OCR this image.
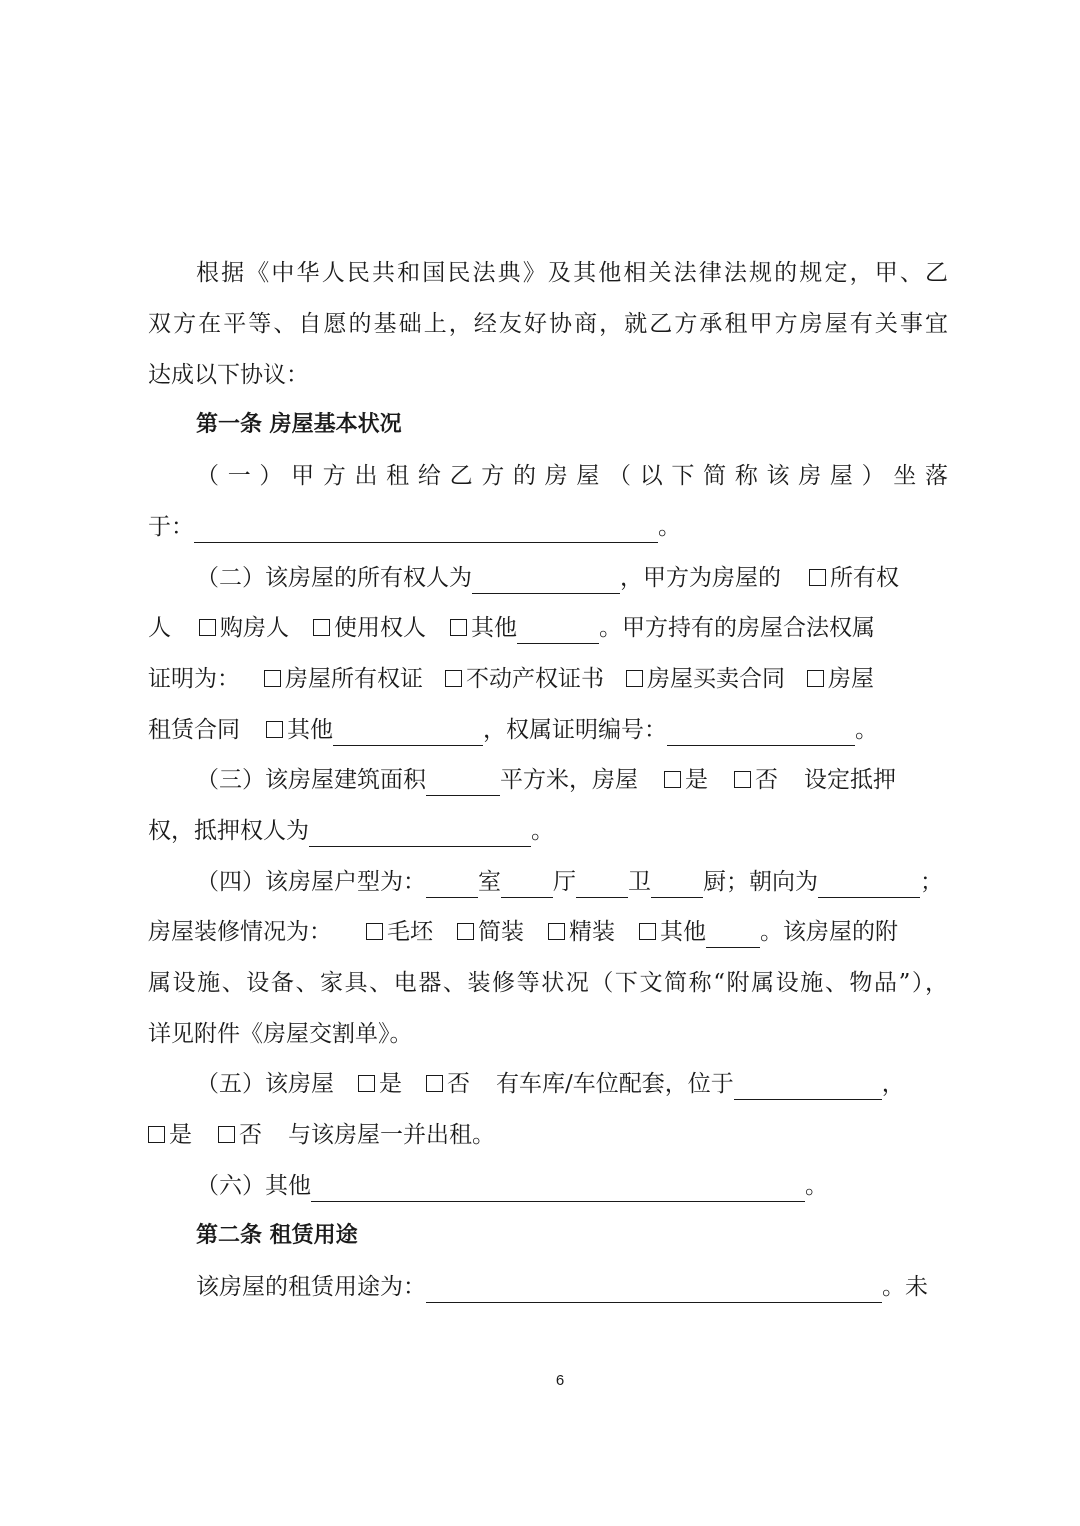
根据《中华人民共和国民法典》及其他相关法律法规的规定，甲、乙
双方在平等、自愿的基础上，经友好协商，就乙方承租甲方房屋有关事宜
达成以下协议：
第一条 房屋基本状况
（一）甲方出租给乙方的房屋（以下简称该房屋）坐落
于：	。
（二）该房屋的所有权人为	，甲方为房屋的 所有权
人 购房人 使用权人 其他	。甲方持有的房屋合法权属
证明为： 房屋所有权证 不动产权证书 房屋买卖合同 房屋
租赁合同 其他	，权属证明编号：	。
（三）该房屋建筑面积	平方米，房屋 是 否 设定抵押
权，抵押权人为	。
（四）该房屋户型为： 室 厅 卫 厨；朝向为	；
房屋装修情况为： 毛坯 简装 精装 其他 。该房屋的附
属设施、设备、家具、电器、装修等状况（下文简称“附属设施、物品”），
详见附件《房屋交割单》。
（五）该房屋 是 否 有车库/车位配套，位于	，
是 否 与该房屋一并出租。
（六）其他	。
第二条 租赁用途
该房屋的租赁用途为：	。未
6
